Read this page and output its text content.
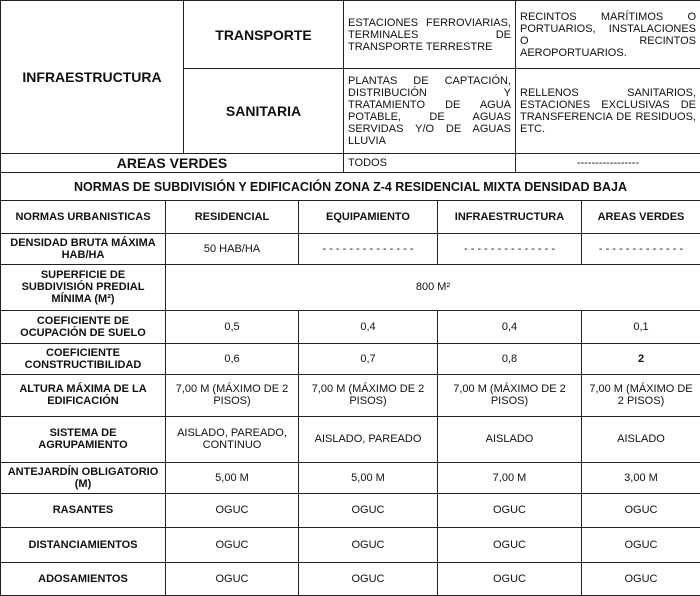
INFRAESTRUCTURA	TRANSPORTE	ESTACIONES FERROVIARIAS, TERMINALES DE TRANSPORTE TERRESTRE	RECINTOS MARÍTIMOS O PORTUARIOS, INSTALACIONES O RECINTOS AEROPORTUARIOS.
	SANITARIA	PLANTAS DE CAPTACIÓN, DISTRIBUCIÓN Y TRATAMIENTO DE AGUA POTABLE, DE AGUAS SERVIDAS Y/O DE AGUAS LLUVIA	RELLENOS SANITARIOS, ESTACIONES EXCLUSIVAS DE TRANSFERENCIA DE RESIDUOS, ETC.
AREAS VERDES		TODOS	-----------------
NORMAS DE SUBDIVISIÓN Y EDIFICACIÓN ZONA Z-4 RESIDENCIAL MIXTA DENSIDAD BAJA			
NORMAS URBANISTICAS	RESIDENCIAL	EQUIPAMIENTO	INFRAESTRUCTURA	AREAS VERDES
DENSIDAD BRUTA MÁXIMA HAB/HA	50 HAB/HA	- - - - - - - - - - - - - -	- - - - - - - - - - - - - -	- - - - - - - - - - - - -
SUPERFICIE DE SUBDIVISIÓN PREDIAL MÍNIMA (M²)	800 M²			
COEFICIENTE DE OCUPACIÓN DE SUELO	0,5	0,4	0,4	0,1
COEFICIENTE CONSTRUCTIBILIDAD	0,6	0,7	0,8	2
ALTURA MÁXIMA DE LA EDIFICACIÓN	7,00 M (MÁXIMO DE 2 PISOS)	7,00 M (MÁXIMO DE 2 PISOS)	7,00 M (MÁXIMO DE 2 PISOS)	7,00 M (MÁXIMO DE 2 PISOS)
SISTEMA DE AGRUPAMIENTO	AISLADO, PAREADO, CONTINUO	AISLADO, PAREADO	AISLADO	AISLADO
ANTEJARDÍN OBLIGATORIO (M)	5,00 M	5,00 M	7,00 M	3,00 M
RASANTES	OGUC	OGUC	OGUC	OGUC
DISTANCIAMIENTOS	OGUC	OGUC	OGUC	OGUC
ADOSAMIENTOS	OGUC	OGUC	OGUC	OGUC
